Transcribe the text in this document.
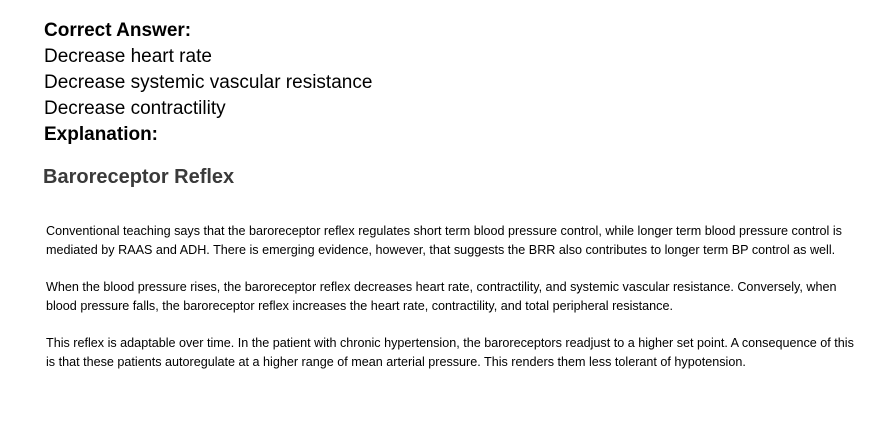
Correct Answer:
Decrease heart rate
Decrease systemic vascular resistance
Decrease contractility
Explanation:
Baroreceptor Reflex

Conventional teaching says that the baroreceptor reflex regulates short term blood pressure control, while longer term blood pressure control is mediated by RAAS and ADH. There is emerging evidence, however, that suggests the BRR also contributes to longer term BP control as well.

When the blood pressure rises, the baroreceptor reflex decreases heart rate, contractility, and systemic vascular resistance. Conversely, when blood pressure falls, the baroreceptor reflex increases the heart rate, contractility, and total peripheral resistance.

This reflex is adaptable over time. In the patient with chronic hypertension, the baroreceptors readjust to a higher set point. A consequence of this is that these patients autoregulate at a higher range of mean arterial pressure. This renders them less tolerant of hypotension.
